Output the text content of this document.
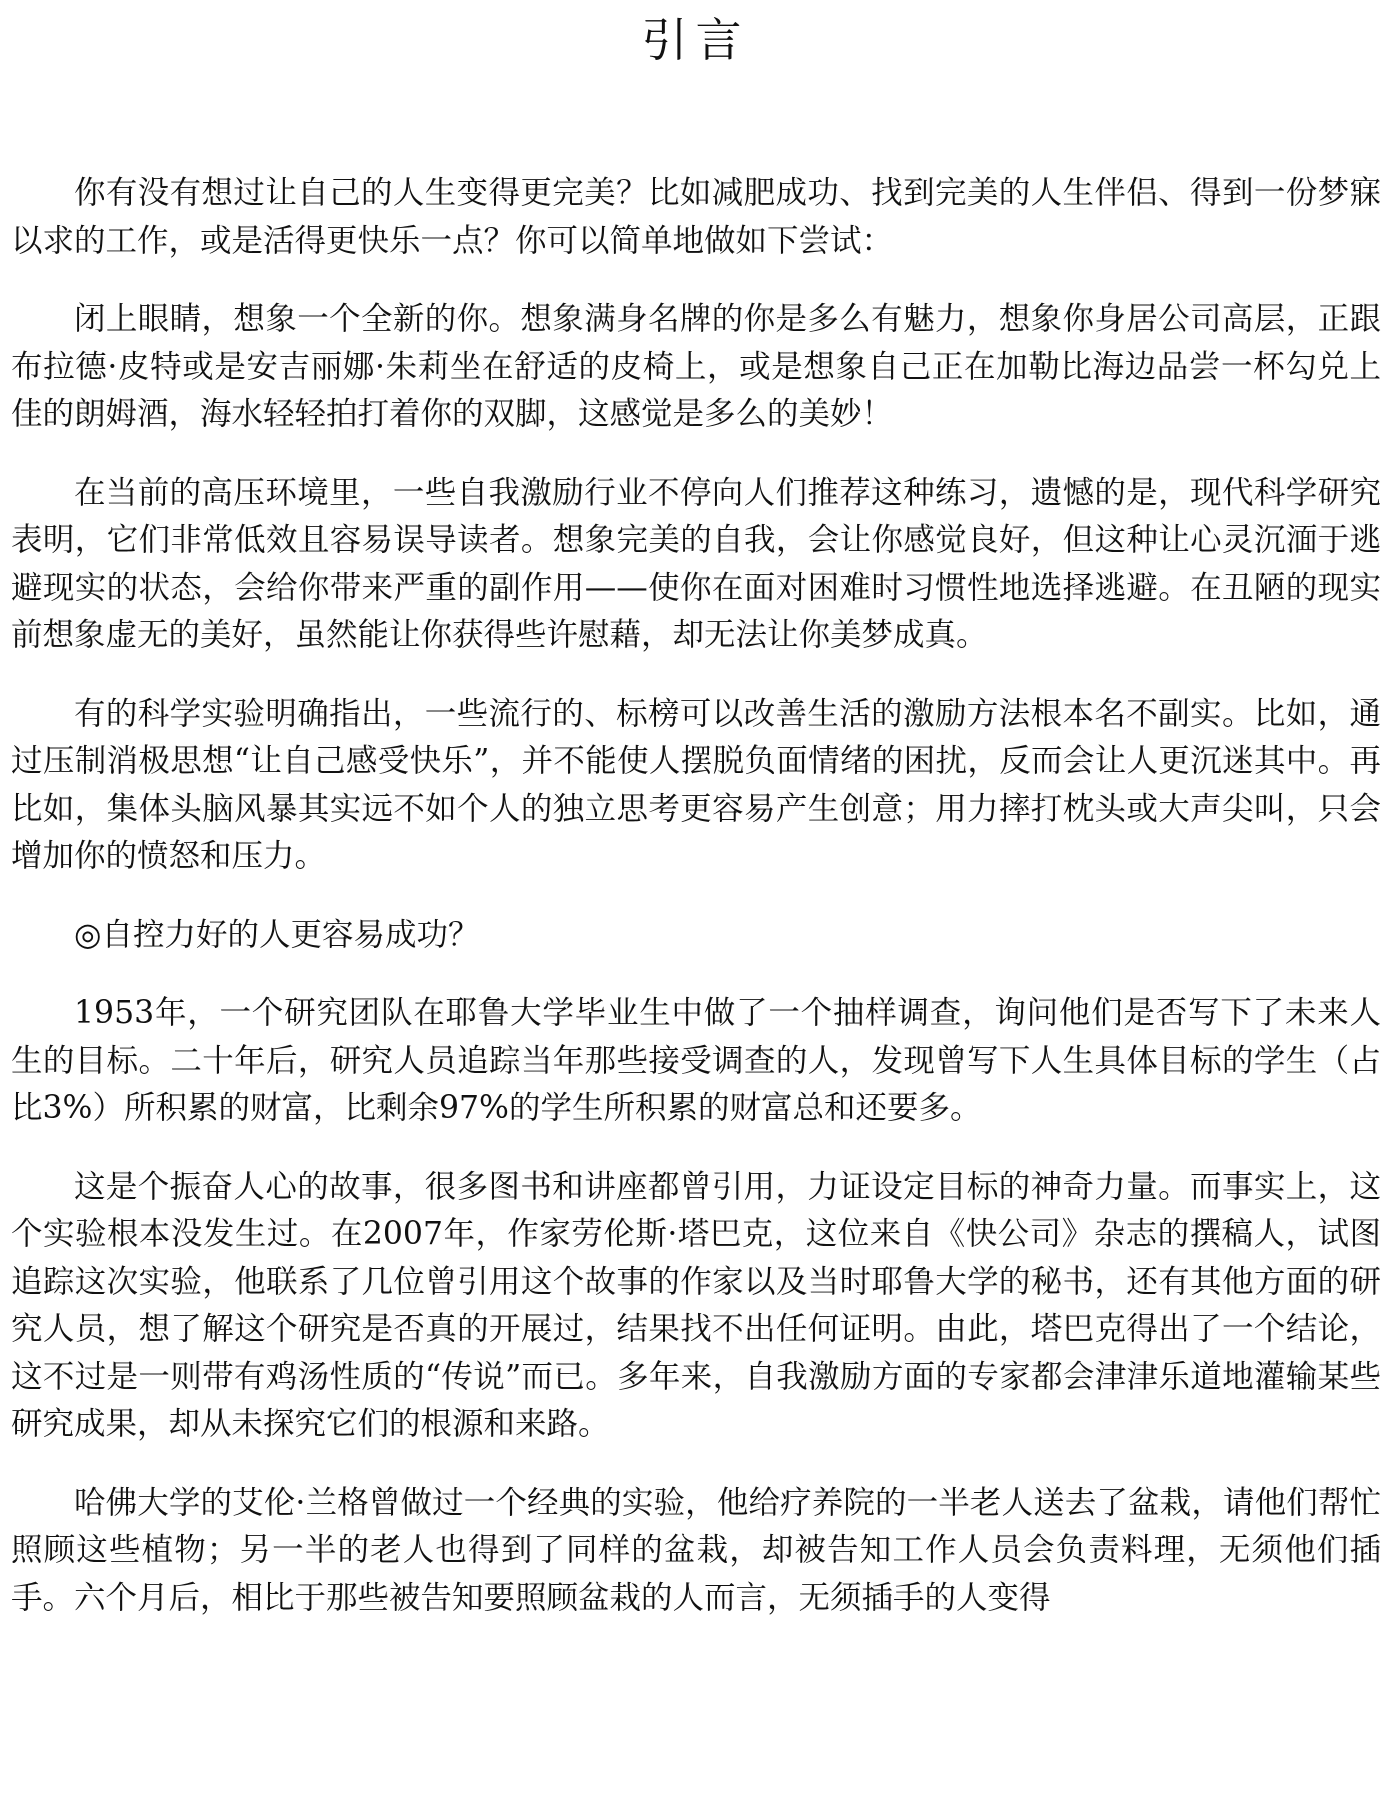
引言

你有没有想过让自己的人生变得更完美？比如减肥成功、找到完美的人生伴侣、得到一份梦寐以求的工作，或是活得更快乐一点？你可以简单地做如下尝试：

闭上眼睛，想象一个全新的你。想象满身名牌的你是多么有魅力，想象你身居公司高层，正跟布拉德·皮特或是安吉丽娜·朱莉坐在舒适的皮椅上，或是想象自己正在加勒比海边品尝一杯勾兑上佳的朗姆酒，海水轻轻拍打着你的双脚，这感觉是多么的美妙！

在当前的高压环境里，一些自我激励行业不停向人们推荐这种练习，遗憾的是，现代科学研究表明，它们非常低效且容易误导读者。想象完美的自我，会让你感觉良好，但这种让心灵沉湎于逃避现实的状态，会给你带来严重的副作用——使你在面对困难时习惯性地选择逃避。在丑陋的现实前想象虚无的美好，虽然能让你获得些许慰藉，却无法让你美梦成真。

有的科学实验明确指出，一些流行的、标榜可以改善生活的激励方法根本名不副实。比如，通过压制消极思想“让自己感受快乐”，并不能使人摆脱负面情绪的困扰，反而会让人更沉迷其中。再比如，集体头脑风暴其实远不如个人的独立思考更容易产生创意；用力摔打枕头或大声尖叫，只会增加你的愤怒和压力。

◎自控力好的人更容易成功？

1953年，一个研究团队在耶鲁大学毕业生中做了一个抽样调查，询问他们是否写下了未来人生的目标。二十年后，研究人员追踪当年那些接受调查的人，发现曾写下人生具体目标的学生（占比3%）所积累的财富，比剩余97%的学生所积累的财富总和还要多。

这是个振奋人心的故事，很多图书和讲座都曾引用，力证设定目标的神奇力量。而事实上，这个实验根本没发生过。在2007年，作家劳伦斯·塔巴克，这位来自《快公司》杂志的撰稿人，试图追踪这次实验，他联系了几位曾引用这个故事的作家以及当时耶鲁大学的秘书，还有其他方面的研究人员，想了解这个研究是否真的开展过，结果找不出任何证明。由此，塔巴克得出了一个结论，这不过是一则带有鸡汤性质的“传说”而已。多年来，自我激励方面的专家都会津津乐道地灌输某些研究成果，却从未探究它们的根源和来路。

哈佛大学的艾伦·兰格曾做过一个经典的实验，他给疗养院的一半老人送去了盆栽，请他们帮忙照顾这些植物；另一半的老人也得到了同样的盆栽，却被告知工作人员会负责料理，无须他们插手。六个月后，相比于那些被告知要照顾盆栽的人而言，无须插手的人变得
